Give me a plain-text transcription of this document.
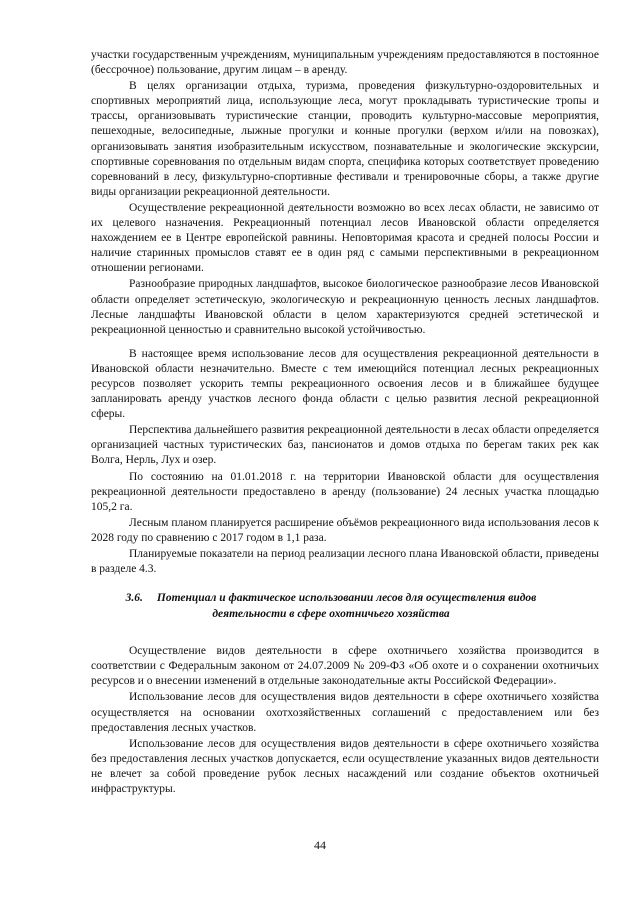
участки государственным учреждениям, муниципальным учреждениям предоставляются в постоянное (бессрочное) пользование, другим лицам – в аренду.

В целях организации отдыха, туризма, проведения физкультурно-оздоровительных и спортивных мероприятий лица, использующие леса, могут прокладывать туристические тропы и трассы, организовывать туристические станции, проводить культурно-массовые мероприятия, пешеходные, велосипедные, лыжные прогулки и конные прогулки (верхом и/или на повозках), организовывать занятия изобразительным искусством, познавательные и экологические экскурсии, спортивные соревнования по отдельным видам спорта, специфика которых соответствует проведению соревнований в лесу, физкультурно-спортивные фестивали и тренировочные сборы, а также другие виды организации рекреационной деятельности.

Осуществление рекреационной деятельности возможно во всех лесах области, не зависимо от их целевого назначения. Рекреационный потенциал лесов Ивановской области определяется нахождением ее в Центре европейской равнины. Неповторимая красота и средней полосы России и наличие старинных промыслов ставят ее в один ряд с самыми перспективными в рекреационном отношении регионами.

Разнообразие природных ландшафтов, высокое биологическое разнообразие лесов Ивановской области определяет эстетическую, экологическую и рекреационную ценность лесных ландшафтов. Лесные ландшафты Ивановской области в целом характеризуются средней эстетической и рекреационной ценностью и сравнительно высокой устойчивостью.

В настоящее время использование лесов для осуществления рекреационной деятельности в Ивановской области незначительно. Вместе с тем имеющийся потенциал лесных рекреационных ресурсов позволяет ускорить темпы рекреационного освоения лесов и в ближайшее будущее запланировать аренду участков лесного фонда области с целью развития лесной рекреационной сферы.

Перспектива дальнейшего развития рекреационной деятельности в лесах области определяется организацией частных туристических баз, пансионатов и домов отдыха по берегам таких рек как Волга, Нерль, Лух и озер.

По состоянию на 01.01.2018 г. на территории Ивановской области для осуществления рекреационной деятельности предоставлено в аренду (пользование) 24 лесных участка площадью 105,2 га.

Лесным планом планируется расширение объёмов рекреационного вида использования лесов к 2028 году по сравнению с 2017 годом в 1,1 раза.

Планируемые показатели на период реализации лесного плана Ивановской области, приведены в разделе 4.3.

3.6. Потенциал и фактическое использовании лесов для осуществления видов деятельности в сфере охотничьего хозяйства

Осуществление видов деятельности в сфере охотничьего хозяйства производится в соответствии с Федеральным законом от 24.07.2009 № 209-ФЗ «Об охоте и о сохранении охотничьих ресурсов и о внесении изменений в отдельные законодательные акты Российской Федерации».

Использование лесов для осуществления видов деятельности в сфере охотничьего хозяйства осуществляется на основании охотхозяйственных соглашений с предоставлением или без предоставления лесных участков.

Использование лесов для осуществления видов деятельности в сфере охотничьего хозяйства без предоставления лесных участков допускается, если осуществление указанных видов деятельности не влечет за собой проведение рубок лесных насаждений или создание объектов охотничьей инфраструктуры.

44
